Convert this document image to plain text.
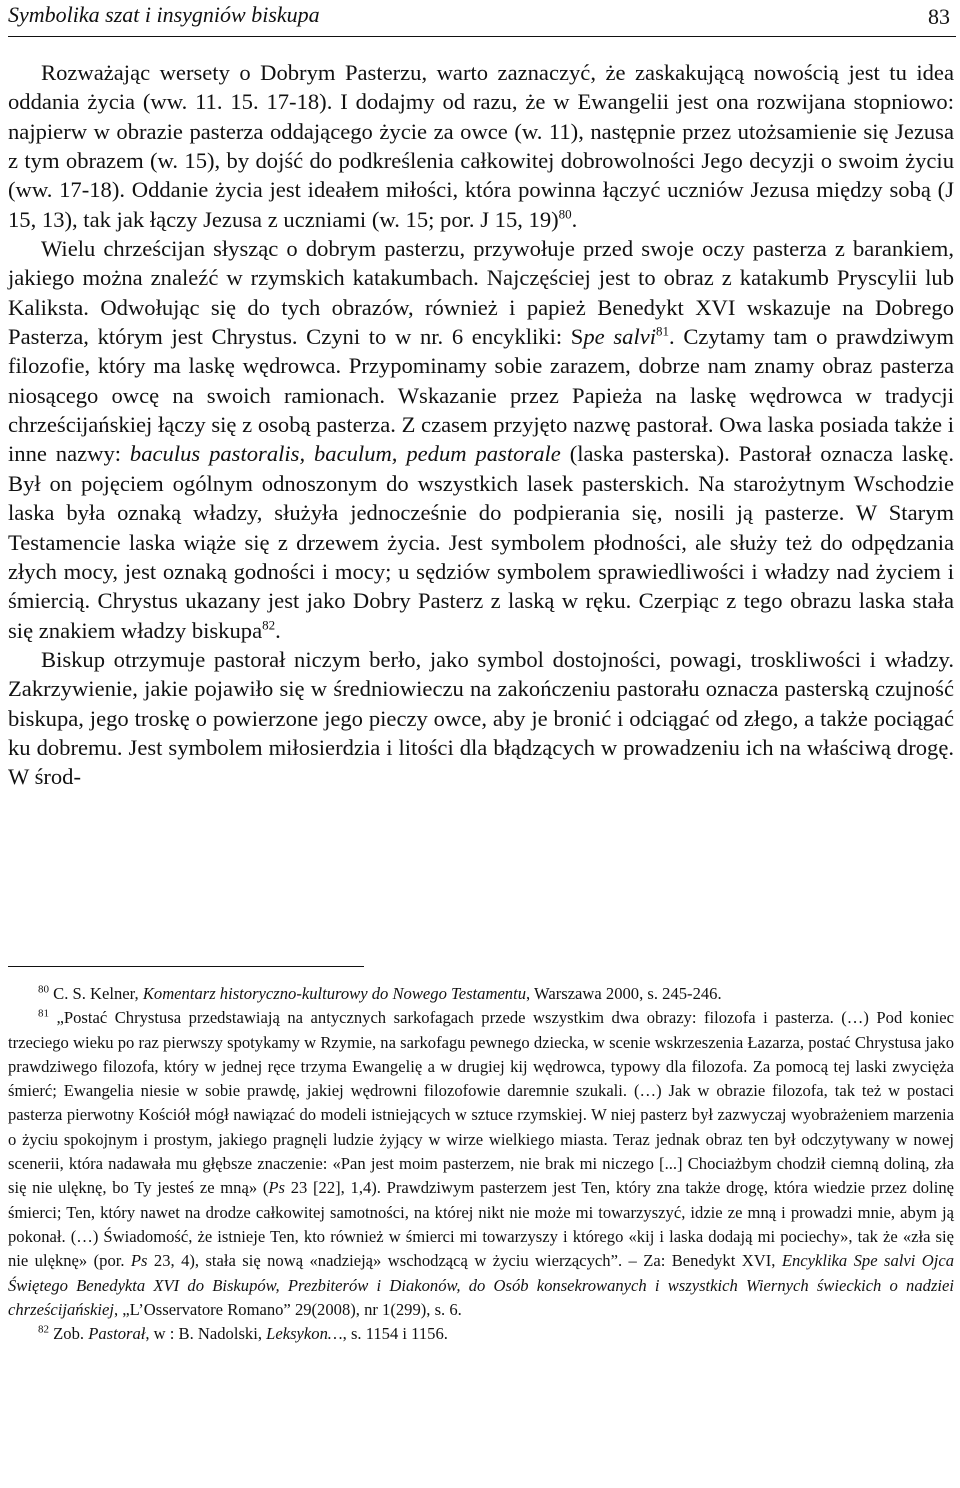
Symbolika szat i insygniów biskupa	83

Rozważając wersety o Dobrym Pasterzu, warto zaznaczyć, że zaskakującą nowością jest tu idea oddania życia (ww. 11. 15. 17-18). I dodajmy od razu, że w Ewangelii jest ona rozwijana stopniowo: najpierw w obrazie pasterza oddającego życie za owce (w. 11), następnie przez utożsamienie się Jezusa z tym obrazem (w. 15), by dojść do podkreślenia całkowitej dobrowolności Jego decyzji o swoim życiu (ww. 17-18). Oddanie życia jest ideałem miłości, która powinna łączyć uczniów Jezusa między sobą (J 15, 13), tak jak łączy Jezusa z uczniami (w. 15; por. J 15, 19)$^{80}$.

Wielu chrześcijan słysząc o dobrym pasterzu, przywołuje przed swoje oczy pasterza z barankiem, jakiego można znaleźć w rzymskich katakumbach. Najczęściej jest to obraz z katakumb Pryscylii lub Kaliksta. Odwołując się do tych obrazów, również i papież Benedykt XVI wskazuje na Dobrego Pasterza, którym jest Chrystus. Czyni to w nr. 6 encykliki: Spe salvi$^{81}$. Czytamy tam o prawdziwym filozofie, który ma laskę wędrowca. Przypominamy sobie zarazem, dobrze nam znamy obraz pasterza niosącego owcę na swoich ramionach. Wskazanie przez Papieża na laskę wędrowca w tradycji chrześcijańskiej łączy się z osobą pasterza. Z czasem przyjęto nazwę pastorał. Owa laska posiada także i inne nazwy: baculus pastoralis, baculum, pedum pastorale (laska pasterska). Pastorał oznacza laskę. Był on pojęciem ogólnym odnoszonym do wszystkich lasek pasterskich. Na starożytnym Wschodzie laska była oznaką władzy, służyła jednocześnie do podpierania się, nosili ją pasterze. W Starym Testamencie laska wiąże się z drzewem życia. Jest symbolem płodności, ale służy też do odpędzania złych mocy, jest oznaką godności i mocy; u sędziów symbolem sprawiedliwości i władzy nad życiem i śmiercią. Chrystus ukazany jest jako Dobry Pasterz z laską w ręku. Czerpiąc z tego obrazu laska stała się znakiem władzy biskupa$^{82}$.

Biskup otrzymuje pastorał niczym berło, jako symbol dostojności, powagi, troskliwości i władzy. Zakrzywienie, jakie pojawiło się w średniowieczu na zakończeniu pastorału oznacza pasterską czujność biskupa, jego troskę o powierzone jego pieczy owce, aby je bronić i odciągać od złego, a także pociągać ku dobremu. Jest symbolem miłosierdzia i litości dla błądzących w prowadzeniu ich na właściwą drogę. W środ-

$^{80}$ C. S. Kelner, Komentarz historyczno-kulturowy do Nowego Testamentu, Warszawa 2000, s. 245-246.

$^{81}$ „Postać Chrystusa przedstawiają na antycznych sarkofagach przede wszystkim dwa obrazy: filozofa i pasterza. (…) Pod koniec trzeciego wieku po raz pierwszy spotykamy w Rzymie, na sarkofagu pewnego dziecka, w scenie wskrzeszenia Łazarza, postać Chrystusa jako prawdziwego filozofa, który w jednej ręce trzyma Ewangelię a w drugiej kij wędrowca, typowy dla filozofa. Za pomocą tej laski zwycięża śmierć; Ewangelia niesie w sobie prawdę, jakiej wędrowni filozofowie daremnie szukali. (…) Jak w obrazie filozofa, tak też w postaci pasterza pierwotny Kościół mógł nawiązać do modeli istniejących w sztuce rzymskiej. W niej pasterz był zazwyczaj wyobrażeniem marzenia o życiu spokojnym i prostym, jakiego pragnęli ludzie żyjący w wirze wielkiego miasta. Teraz jednak obraz ten był odczytywany w nowej scenerii, która nadawała mu głębsze znaczenie: «Pan jest moim pasterzem, nie brak mi niczego [...] Chociażbym chodził ciemną doliną, zła się nie ulęknę, bo Ty jesteś ze mną» (Ps 23 [22], 1,4). Prawdziwym pasterzem jest Ten, który zna także drogę, która wiedzie przez dolinę śmierci; Ten, który nawet na drodze całkowitej samotności, na której nikt nie może mi towarzyszyć, idzie ze mną i prowadzi mnie, abym ją pokonał. (…) Świadomość, że istnieje Ten, kto również w śmierci mi towarzyszy i którego «kij i laska dodają mi pociechy», tak że «zła się nie ulęknę» (por. Ps 23, 4), stała się nową «nadzieją» wschodzącą w życiu wierzących”. – Za: Benedykt XVI, Encyklika Spe salvi Ojca Świętego Benedykta XVI do Biskupów, Prezbiterów i Diakonów, do Osób konsekrowanych i wszystkich Wiernych świeckich o nadziei chrześcijańskiej, „L’Osservatore Romano” 29(2008), nr 1(299), s. 6.

$^{82}$ Zob. Pastorał, w : B. Nadolski, Leksykon…, s. 1154 i 1156.
